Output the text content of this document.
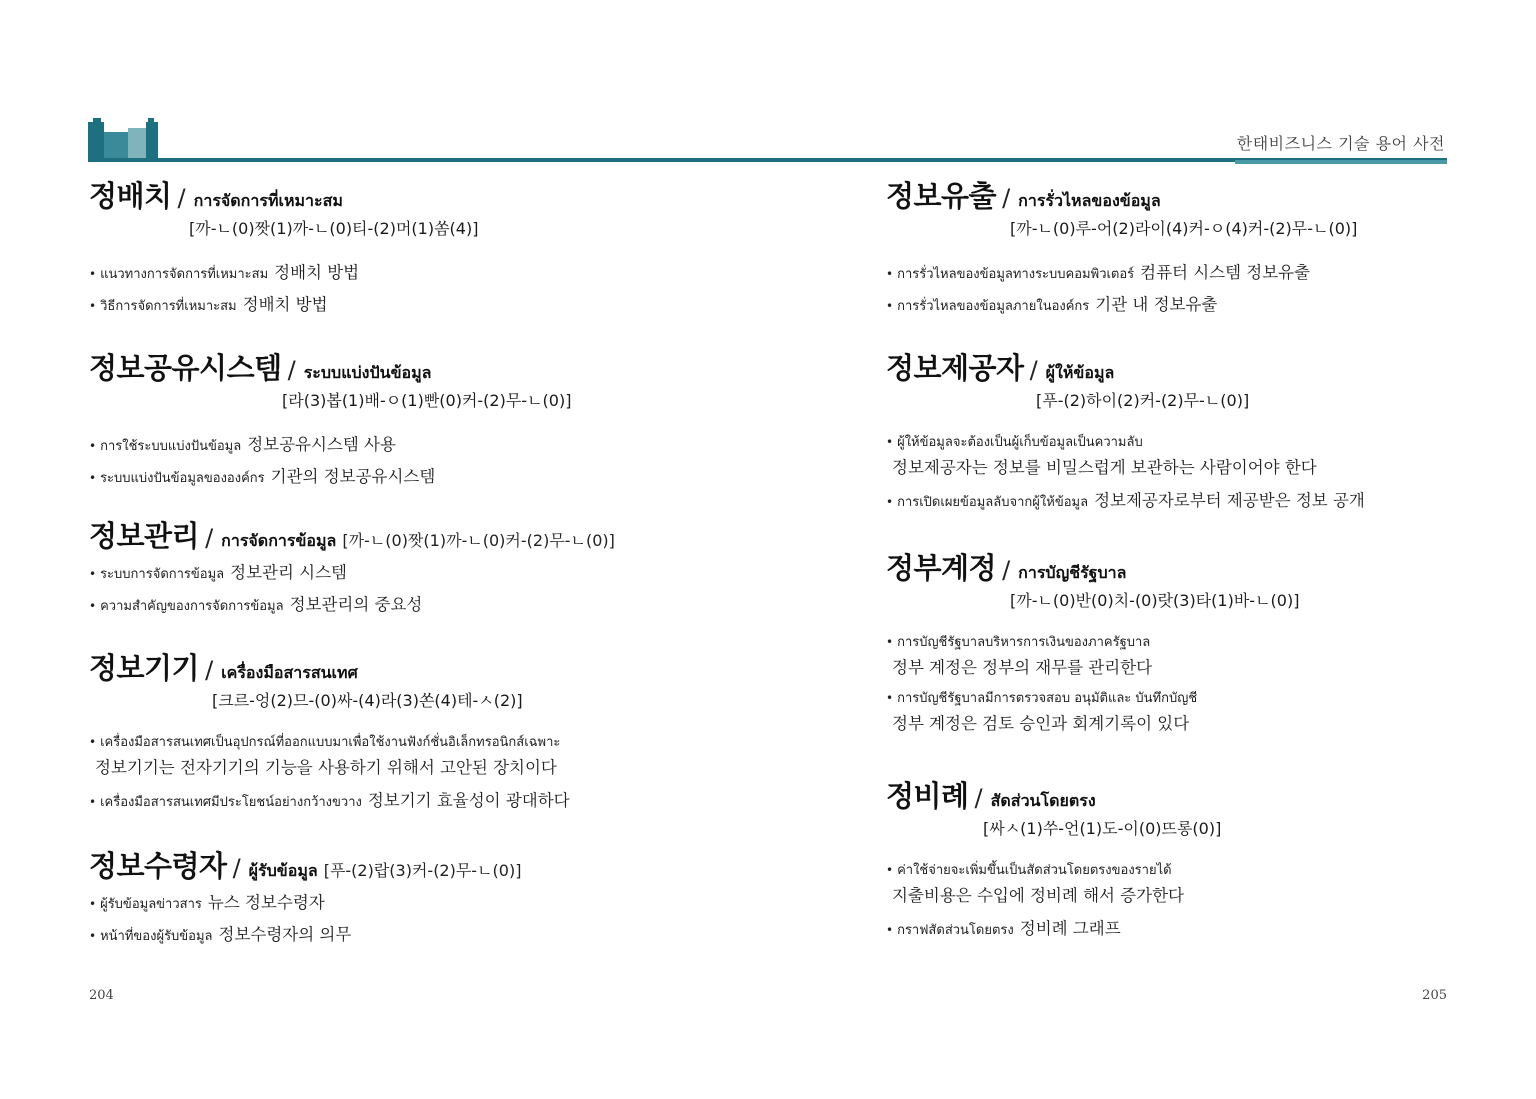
한태비즈니스 기술 용어 사전
정배치 / การจัดการที่เหมาะสม
[까-ㄴ(0)짯(1)까-ㄴ(0)티-(2)머(1)쏨(4)]
• แนวทางการจัดการที่เหมาะสม 정배치 방법
• วิธีการจัดการที่เหมาะสม 정배치 방법
정보공유시스템 / ระบบแบ่งปันข้อมูล
[라(3)봅(1)배-ㅇ(1)빤(0)커-(2)무-ㄴ(0)]
• การใช้ระบบแบ่งปันข้อมูล 정보공유시스템 사용
• ระบบแบ่งปันข้อมูลขององค์กร 기관의 정보공유시스템
정보관리 / การจัดการข้อมูล [까-ㄴ(0)짯(1)까-ㄴ(0)커-(2)무-ㄴ(0)]
• ระบบการจัดการข้อมูล 정보관리 시스템
• ความสำคัญของการจัดการข้อมูล 정보관리의 중요성
정보기기 / เครื่องมือสารสนเทศ
[크르-엉(2)므-(0)싸-(4)라(3)쏜(4)테-ㅅ(2)]
• เครื่องมือสารสนเทศเป็นอุปกรณ์ที่ออกแบบมาเพื่อใช้งานฟังก์ชั่นอิเล็กทรอนิกส์เฉพาะ
정보기기는 전자기기의 기능을 사용하기 위해서 고안된 장치이다
• เครื่องมือสารสนเทศมีประโยชน์อย่างกว้างขวาง 정보기기 효율성이 광대하다
정보수령자 / ผู้รับข้อมูล [푸-(2)랍(3)커-(2)무-ㄴ(0)]
• ผู้รับข้อมูลข่าวสาร 뉴스 정보수령자
• หน้าที่ของผู้รับข้อมูล 정보수령자의 의무
정보유출 / การรั่วไหลของข้อมูล
[까-ㄴ(0)루-어(2)라이(4)커-ㅇ(4)커-(2)무-ㄴ(0)]
• การรั่วไหลของข้อมูลทางระบบคอมพิวเตอร์ 컴퓨터 시스템 정보유출
• การรั่วไหลของข้อมูลภายในองค์กร 기관 내 정보유출
정보제공자 / ผู้ให้ข้อมูล
[푸-(2)하이(2)커-(2)무-ㄴ(0)]
• ผู้ให้ข้อมูลจะต้องเป็นผู้เก็บข้อมูลเป็นความลับ
정보제공자는 정보를 비밀스럽게 보관하는 사람이어야 한다
• การเปิดเผยข้อมูลลับจากผู้ให้ข้อมูล 정보제공자로부터 제공받은 정보 공개
정부계정 / การบัญชีรัฐบาล
[까-ㄴ(0)반(0)치-(0)랏(3)타(1)바-ㄴ(0)]
• การบัญชีรัฐบาลบริหารการเงินของภาครัฐบาล
정부 계정은 정부의 재무를 관리한다
• การบัญชีรัฐบาลมีการตรวจสอบ อนุมัติและ บันทึกบัญชี
정부 계정은 검토 승인과 회계기록이 있다
정비례 / สัดส่วนโดยตรง
[싸ㅅ(1)쑤-언(1)도-이(0)뜨롱(0)]
• ค่าใช้จ่ายจะเพิ่มขึ้นเป็นสัดส่วนโดยตรงของรายได้
지출비용은 수입에 정비례 해서 증가한다
• กราฟสัดส่วนโดยตรง 정비례 그래프
204	205
